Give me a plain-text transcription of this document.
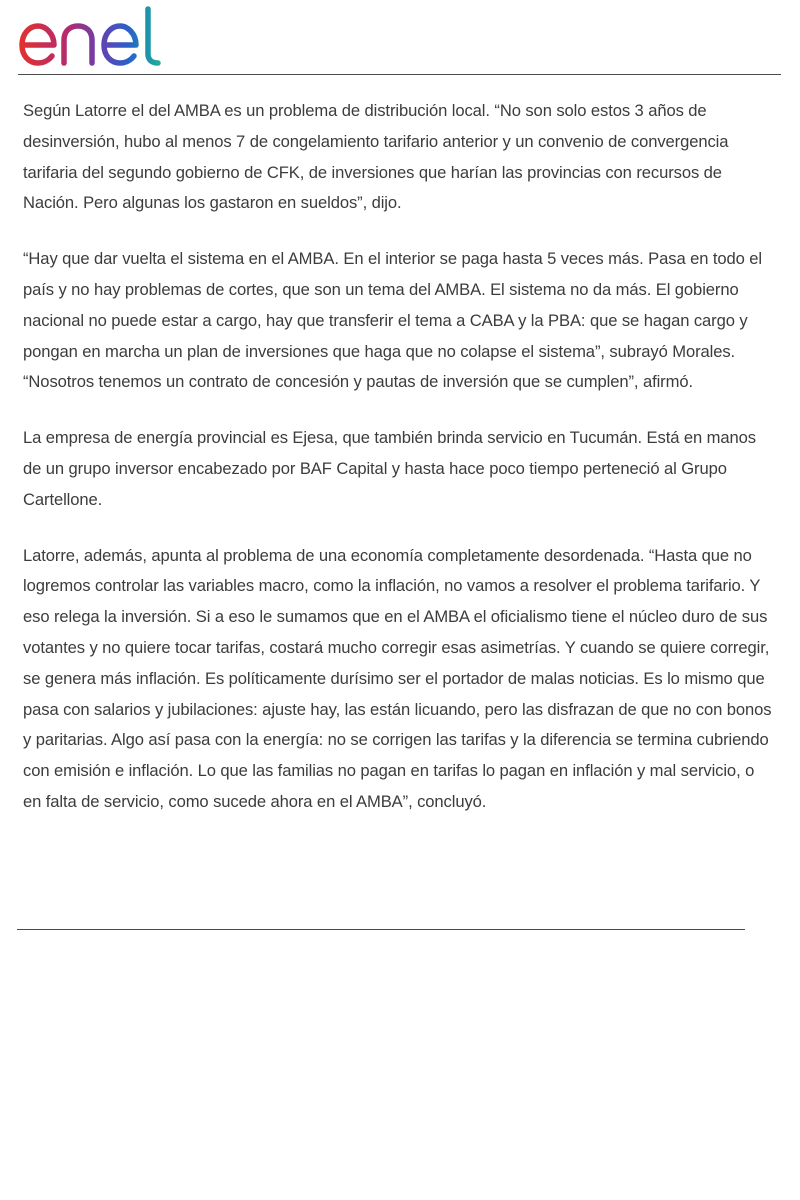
Según Latorre el del AMBA es un problema de distribución local. “No son solo estos 3 años de desinversión, hubo al menos 7 de congelamiento tarifario anterior y un convenio de convergencia tarifaria del segundo gobierno de CFK, de inversiones que harían las provincias con recursos de Nación. Pero algunas los gastaron en sueldos”, dijo.

“Hay que dar vuelta el sistema en el AMBA. En el interior se paga hasta 5 veces más. Pasa en todo el país y no hay problemas de cortes, que son un tema del AMBA. El sistema no da más. El gobierno nacional no puede estar a cargo, hay que transferir el tema a CABA y la PBA: que se hagan cargo y pongan en marcha un plan de inversiones que haga que no colapse el sistema”, subrayó Morales. “Nosotros tenemos un contrato de concesión y pautas de inversión que se cumplen”, afirmó.

La empresa de energía provincial es Ejesa, que también brinda servicio en Tucumán. Está en manos de un grupo inversor encabezado por BAF Capital y hasta hace poco tiempo perteneció al Grupo Cartellone.

Latorre, además, apunta al problema de una economía completamente desordenada. “Hasta que no logremos controlar las variables macro, como la inflación, no vamos a resolver el problema tarifario. Y eso relega la inversión. Si a eso le sumamos que en el AMBA el oficialismo tiene el núcleo duro de sus votantes y no quiere tocar tarifas, costará mucho corregir esas asimetrías. Y cuando se quiere corregir, se genera más inflación. Es políticamente durísimo ser el portador de malas noticias. Es lo mismo que pasa con salarios y jubilaciones: ajuste hay, las están licuando, pero las disfrazan de que no con bonos y paritarias. Algo así pasa con la energía: no se corrigen las tarifas y la diferencia se termina cubriendo con emisión e inflación. Lo que las familias no pagan en tarifas lo pagan en inflación y mal servicio, o en falta de servicio, como sucede ahora en el AMBA”, concluyó.
